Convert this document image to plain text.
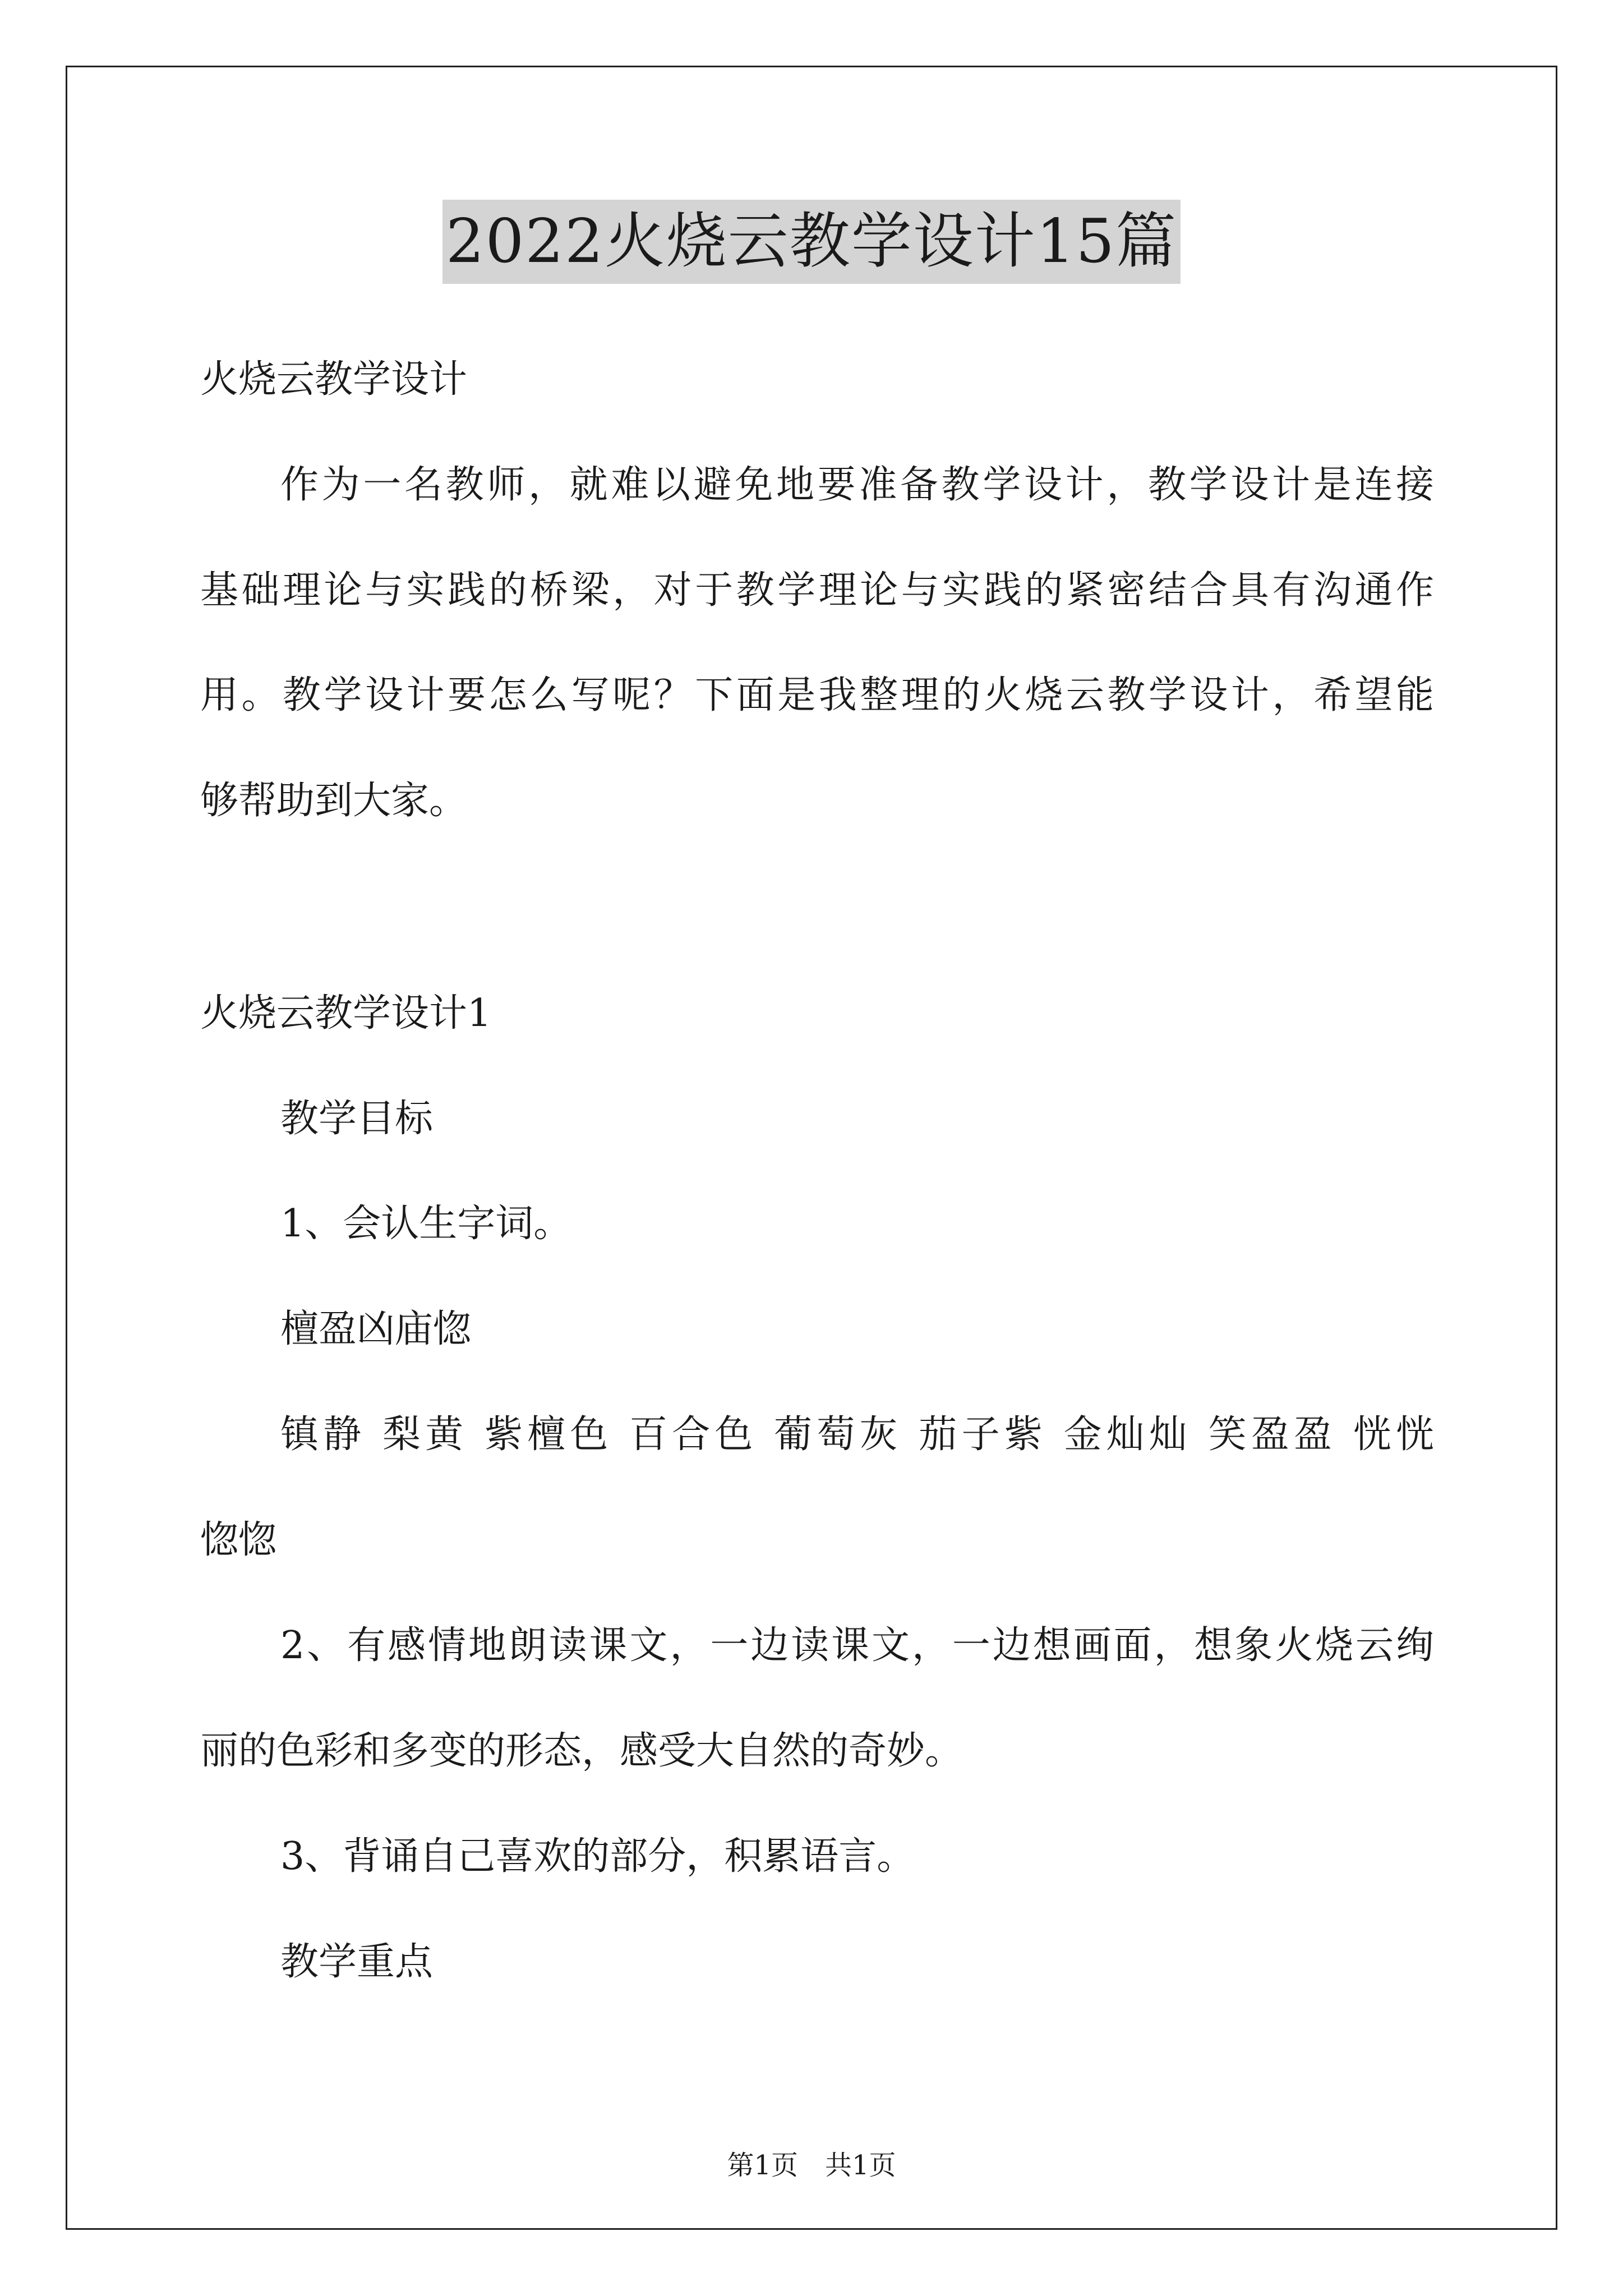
2022火烧云教学设计15篇
火烧云教学设计
作为一名教师，就难以避免地要准备教学设计，教学设计是连接
基础理论与实践的桥梁，对于教学理论与实践的紧密结合具有沟通作
用。教学设计要怎么写呢？下面是我整理的火烧云教学设计，希望能
够帮助到大家。
火烧云教学设计1
教学目标
1、会认生字词。
檀盈凶庙惚
镇静 梨黄 紫檀色 百合色 葡萄灰 茄子紫 金灿灿 笑盈盈 恍恍
惚惚
2、有感情地朗读课文，一边读课文，一边想画面，想象火烧云绚
丽的色彩和多变的形态，感受大自然的奇妙。
3、背诵自己喜欢的部分，积累语言。
教学重点
第1页　共1页
